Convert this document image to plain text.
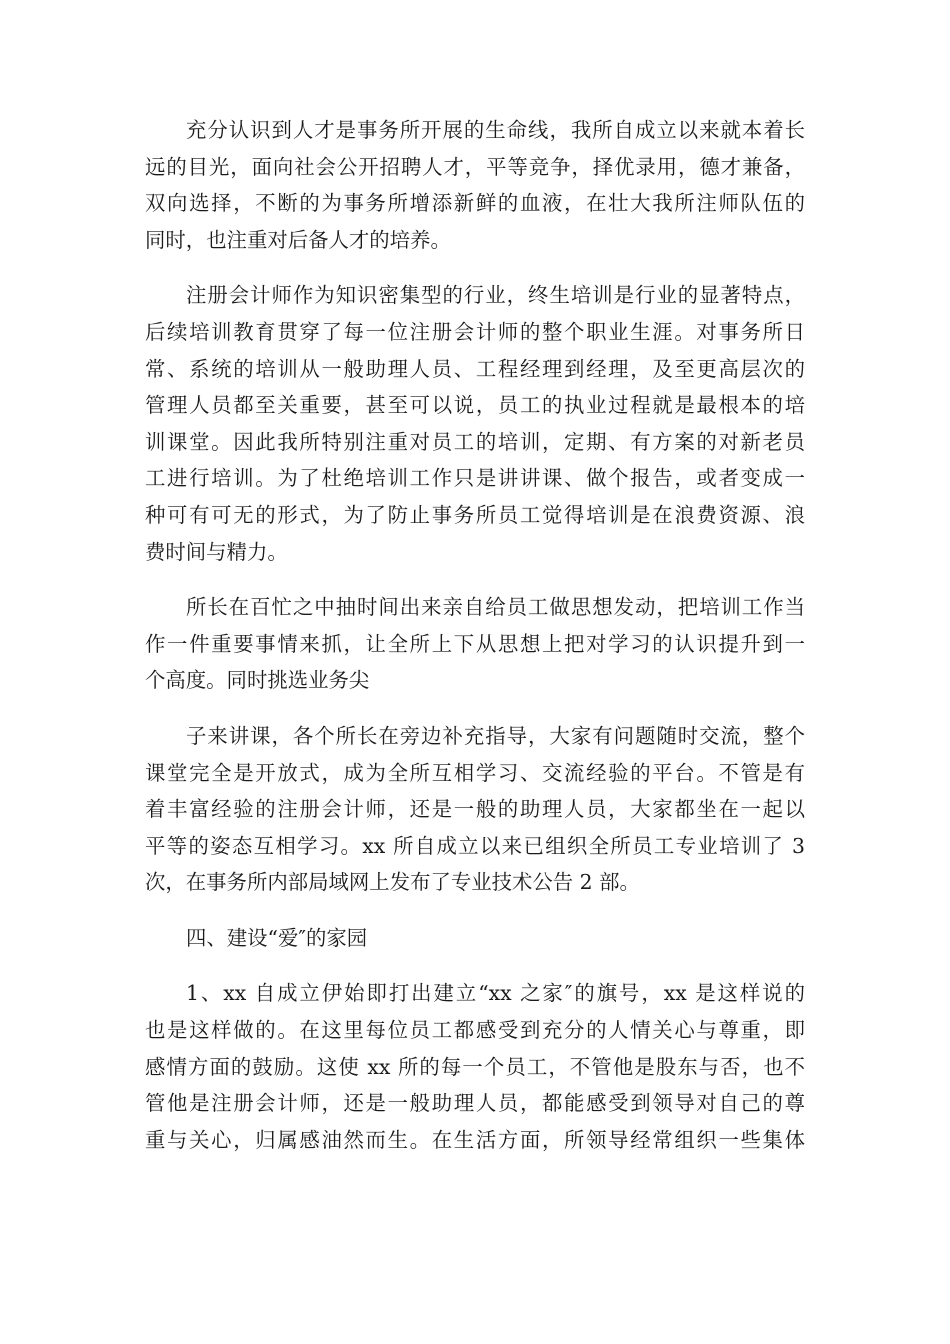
充分认识到人才是事务所开展的生命线，我所自成立以来就本着长
远的目光，面向社会公开招聘人才，平等竞争，择优录用，德才兼备，
双向选择，不断的为事务所增添新鲜的血液，在壮大我所注师队伍的
同时，也注重对后备人才的培养。
注册会计师作为知识密集型的行业，终生培训是行业的显著特点，
后续培训教育贯穿了每一位注册会计师的整个职业生涯。对事务所日
常、系统的培训从一般助理人员、工程经理到经理，及至更高层次的
管理人员都至关重要，甚至可以说，员工的执业过程就是最根本的培
训课堂。因此我所特别注重对员工的培训，定期、有方案的对新老员
工进行培训。为了杜绝培训工作只是讲讲课、做个报告，或者变成一
种可有可无的形式，为了防止事务所员工觉得培训是在浪费资源、浪
费时间与精力。
所长在百忙之中抽时间出来亲自给员工做思想发动，把培训工作当
作一件重要事情来抓，让全所上下从思想上把对学习的认识提升到一
个高度。同时挑选业务尖
子来讲课，各个所长在旁边补充指导，大家有问题随时交流，整个
课堂完全是开放式，成为全所互相学习、交流经验的平台。不管是有
着丰富经验的注册会计师，还是一般的助理人员，大家都坐在一起以
平等的姿态互相学习。xx 所自成立以来已组织全所员工专业培训了 3
次，在事务所内部局域网上发布了专业技术公告 2 部。
四、建设“爱″的家园
1、xx 自成立伊始即打出建立“xx 之家″的旗号，xx 是这样说的
也是这样做的。在这里每位员工都感受到充分的人情关心与尊重，即
感情方面的鼓励。这使 xx 所的每一个员工，不管他是股东与否，也不
管他是注册会计师，还是一般助理人员，都能感受到领导对自己的尊
重与关心，归属感油然而生。在生活方面，所领导经常组织一些集体
